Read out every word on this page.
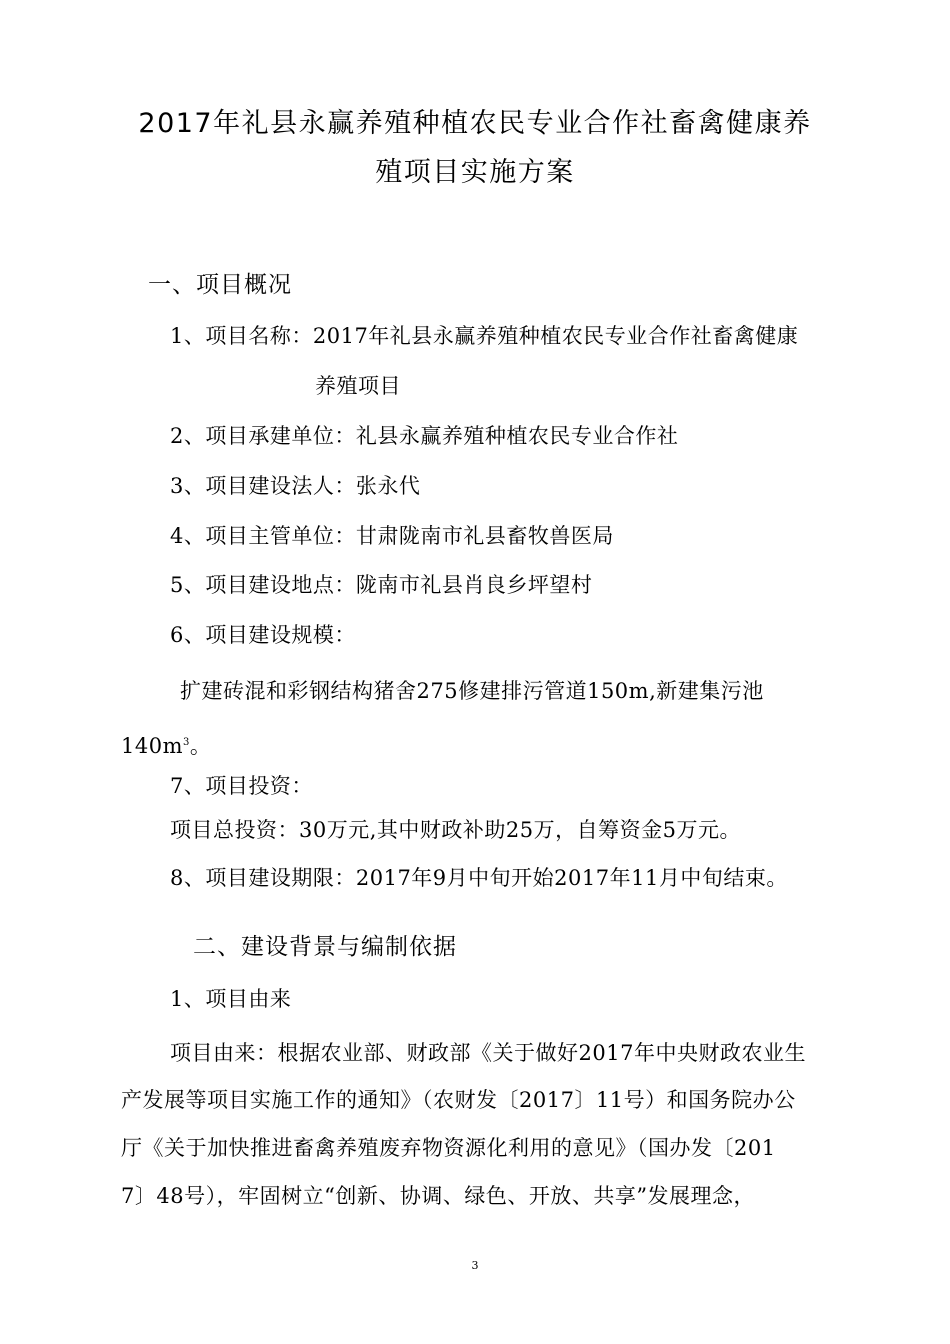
2017年礼县永赢养殖种植农民专业合作社畜禽健康养
殖项目实施方案
一、项目概况
1、项目名称：2017年礼县永赢养殖种植农民专业合作社畜禽健康
养殖项目
2、项目承建单位：礼县永赢养殖种植农民专业合作社
3、项目建设法人：张永代
4、项目主管单位：甘肃陇南市礼县畜牧兽医局
5、项目建设地点：陇南市礼县肖良乡坪望村
6、项目建设规模：
扩建砖混和彩钢结构猪舍275修建排污管道150m,新建集污池
$140m^3$。
7、项目投资：
项目总投资：30万元,其中财政补助25万，自筹资金5万元。
8、项目建设期限：2017年9月中旬开始2017年11月中旬结束。
二、建设背景与编制依据
1、项目由来
项目由来：根据农业部、财政部《关于做好2017年中央财政农业生
产发展等项目实施工作的通知》（农财发〔2017〕11号）和国务院办公
厅《关于加快推进畜禽养殖废弃物资源化利用的意见》（国办发〔201
7〕48号），牢固树立“创新、协调、绿色、开放、共享”发展理念，
3
